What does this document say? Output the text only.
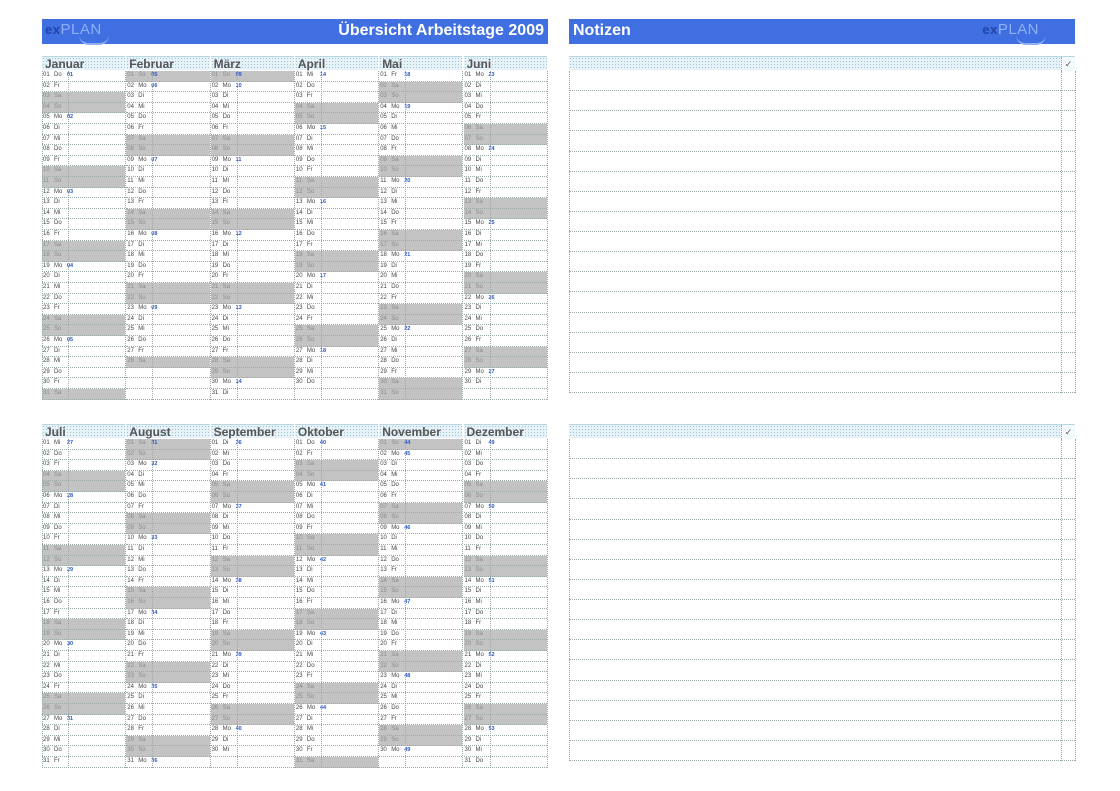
exPLAN	Übersicht Arbeitstage 2009 Notizen	exPLAN
Januar
01 Do 01
02 Fr
03 Sa
04 So
05 Mo 02
06 Di
07 Mi
08 Do
09 Fr
10 Sa
11 So
12 Mo 03
13 Di
14 Mi
15 Do
16 Fr
17 Sa
18 So
19 Mo 04
20 Di
21 Mi
22 Do
23 Fr
24 Sa
25 So
26 Mo 05
27 Di
28 Mi
29 Do
30 Fr
31 Sa
Februar
01 So 05
02 Mo 06
03 Di
04 Mi
05 Do
06 Fr
07 Sa
08 So
09 Mo 07
10 Di
11 Mi
12 Do
13 Fr
14 Sa
15 So
16 Mo 08
17 Di
18 Mi
19 Do
20 Fr
21 Sa
22 So
23 Mo 09
24 Di
25 Mi
26 Do
27 Fr
28 Sa
März
01 So 09
02 Mo 10
03 Di
04 Mi
05 Do
06 Fr
07 Sa
08 So
09 Mo 11
10 Di
11 Mi
12 Do
13 Fr
14 Sa
15 So
16 Mo 12
17 Di
18 Mi
19 Do
20 Fr
21 Sa
22 So
23 Mo 13
24 Di
25 Mi
26 Do
27 Fr
28 Sa
29 So
30 Mo 14
31 Di
April
01 Mi 14
02 Do
03 Fr
04 Sa
05 So
06 Mo 15
07 Di
08 Mi
09 Do
10 Fr
11 Sa
12 So
13 Mo 16
14 Di
15 Mi
16 Do
17 Fr
18 Sa
19 So
20 Mo 17
21 Di
22 Mi
23 Do
24 Fr
25 Sa
26 So
27 Mo 18
28 Di
29 Mi
30 Do
Mai
01 Fr 18
02 Sa
03 So
04 Mo 19
05 Di
06 Mi
07 Do
08 Fr
09 Sa
10 So
11 Mo 20
12 Di
13 Mi
14 Do
15 Fr
16 Sa
17 So
18 Mo 21
19 Di
20 Mi
21 Do
22 Fr
23 Sa
24 So
25 Mo 22
26 Di
27 Mi
28 Do
29 Fr
30 Sa
31 So
Juni
01 Mo 23
02 Di
03 Mi
04 Do
05 Fr
06 Sa
07 So
08 Mo 24
09 Di
10 Mi
11 Do
12 Fr
13 Sa
14 So
15 Mo 25
16 Di
17 Mi
18 Do
19 Fr
20 Sa
21 So
22 Mo 26
23 Di
24 Mi
25 Do
26 Fr
27 Sa
28 So
29 Mo 27
30 Di
Juli
01 Mi 27
02 Do
03 Fr
04 Sa
05 So
06 Mo 28
07 Di
08 Mi
09 Do
10 Fr
11 Sa
12 So
13 Mo 29
14 Di
15 Mi
16 Do
17 Fr
18 Sa
19 So
20 Mo 30
21 Di
22 Mi
23 Do
24 Fr
25 Sa
26 So
27 Mo 31
28 Di
29 Mi
30 Do
31 Fr
August
01 Sa 31
02 So
03 Mo 32
04 Di
05 Mi
06 Do
07 Fr
08 Sa
09 So
10 Mo 33
11 Di
12 Mi
13 Do
14 Fr
15 Sa
16 So
17 Mo 34
18 Di
19 Mi
20 Do
21 Fr
22 Sa
23 So
24 Mo 35
25 Di
26 Mi
27 Do
28 Fr
29 Sa
30 So
31 Mo 36
September
01 Di 36
02 Mi
03 Do
04 Fr
05 Sa
06 So
07 Mo 37
08 Di
09 Mi
10 Do
11 Fr
12 Sa
13 So
14 Mo 38
15 Di
16 Mi
17 Do
18 Fr
19 Sa
20 So
21 Mo 39
22 Di
23 Mi
24 Do
25 Fr
26 Sa
27 So
28 Mo 40
29 Di
30 Mi
Oktober
01 Do 40
02 Fr
03 Sa
04 So
05 Mo 41
06 Di
07 Mi
08 Do
09 Fr
10 Sa
11 So
12 Mo 42
13 Di
14 Mi
15 Do
16 Fr
17 Sa
18 So
19 Mo 43
20 Di
21 Mi
22 Do
23 Fr
24 Sa
25 So
26 Mo 44
27 Di
28 Mi
29 Do
30 Fr
31 Sa
November
01 So 44
02 Mo 45
03 Di
04 Mi
05 Do
06 Fr
07 Sa
08 So
09 Mo 46
10 Di
11 Mi
12 Do
13 Fr
14 Sa
15 So
16 Mo 47
17 Di
18 Mi
19 Do
20 Fr
21 Sa
22 So
23 Mo 48
24 Di
25 Mi
26 Do
27 Fr
28 Sa
29 So
30 Mo 49
Dezember
01 Di 49
02 Mi
03 Do
04 Fr
05 Sa
06 So
07 Mo 50
08 Di
09 Mi
10 Do
11 Fr
12 Sa
13 So
14 Mo 51
15 Di
16 Mi
17 Do
18 Fr
19 Sa
20 So
21 Mo 52
22 Di
23 Mi
24 Do
25 Fr
26 Sa
27 So
28 Mo 53
29 Di
30 Mi
31 Do
✓
✓
